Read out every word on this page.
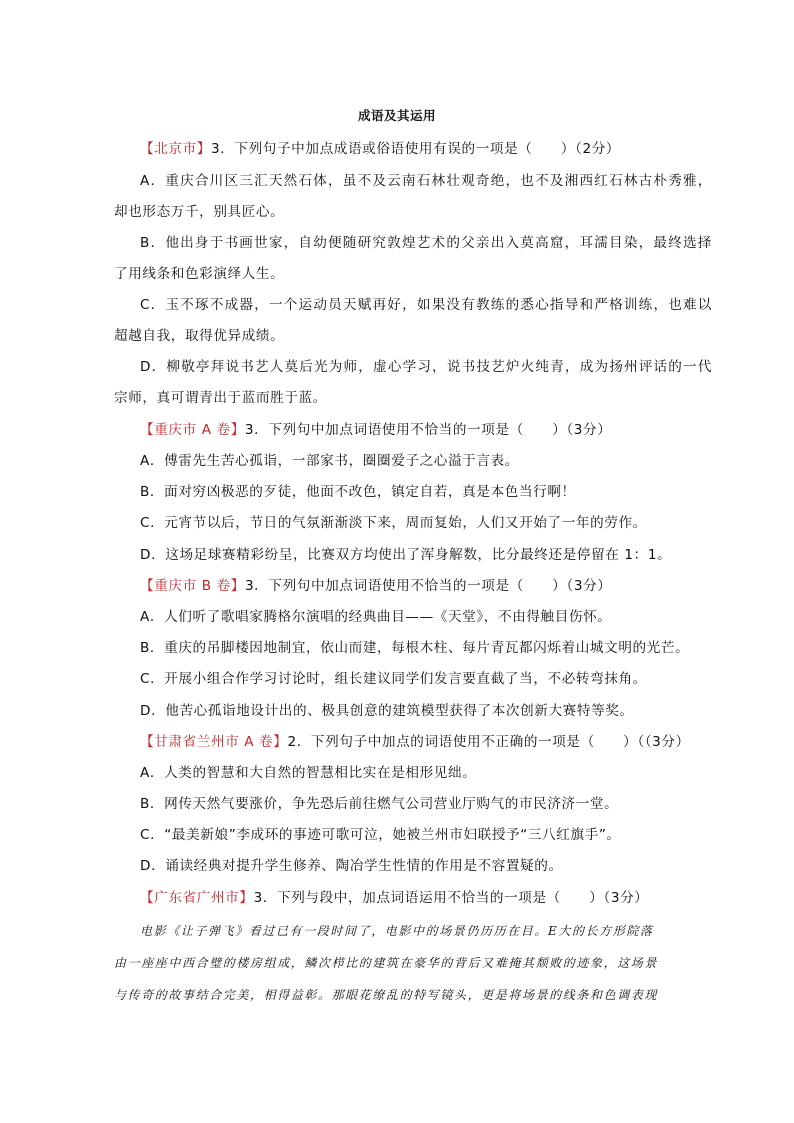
成语及其运用
【北京市】3．下列句子中加点成语或俗语使用有误的一项是（　　）（2分）
A．重庆合川区三汇天然石体，虽不及云南石林壮观奇绝，也不及湘西红石林古朴秀雅，
却也形态万千，别具匠心。
B．他出身于书画世家，自幼便随研究敦煌艺术的父亲出入莫高窟，耳濡目染，最终选择
了用线条和色彩演绎人生。
C．玉不琢不成器，一个运动员天赋再好，如果没有教练的悉心指导和严格训练，也难以
超越自我，取得优异成绩。
D．柳敬亭拜说书艺人莫后光为师，虚心学习，说书技艺炉火纯青，成为扬州评话的一代
宗师，真可谓青出于蓝而胜于蓝。
【重庆市 A 卷】3．下列句中加点词语使用不恰当的一项是（　　）（3分）
A．傅雷先生苦心孤诣，一部家书，圈圈爱子之心溢于言表。
B．面对穷凶极恶的歹徒，他面不改色，镇定自若，真是本色当行啊！
C．元宵节以后，节日的气氛渐渐淡下来，周而复始，人们又开始了一年的劳作。
D．这场足球赛精彩纷呈，比赛双方均使出了浑身解数，比分最终还是停留在 1：1。
【重庆市 B 卷】3．下列句中加点词语使用不恰当的一项是（　　）（3分）
A．人们听了歌唱家腾格尔演唱的经典曲目——《天堂》，不由得触目伤怀。
B．重庆的吊脚楼因地制宜，依山而建，每根木柱、每片青瓦都闪烁着山城文明的光芒。
C．开展小组合作学习讨论时，组长建议同学们发言要直截了当，不必转弯抹角。
D．他苦心孤诣地设计出的、极具创意的建筑模型获得了本次创新大赛特等奖。
【甘肃省兰州市 A 卷】2．下列句子中加点的词语使用不正确的一项是（　　）（（3分）
A．人类的智慧和大自然的智慧相比实在是相形见绌。
B．网传天然气要涨价，争先恐后前往燃气公司营业厅购气的市民济济一堂。
C．“最美新娘”李成环的事迹可歌可泣，她被兰州市妇联授予“三八红旗手”。
D．诵读经典对提升学生修养、陶冶学生性情的作用是不容置疑的。
【广东省广州市】3．下列与段中，加点词语运用不恰当的一项是（　　）（3分）
电影《让子弹飞》看过已有一段时间了，电影中的场景仍历历在目。E大的长方形院落
由一座座中西合璧的楼房组成，鳞次栉比的建筑在豪华的背后又难掩其颓败的迹象，这场景
与传奇的故事结合完美，相得益彰。那眼花缭乱的特写镜头，更是将场景的线条和色调表现
